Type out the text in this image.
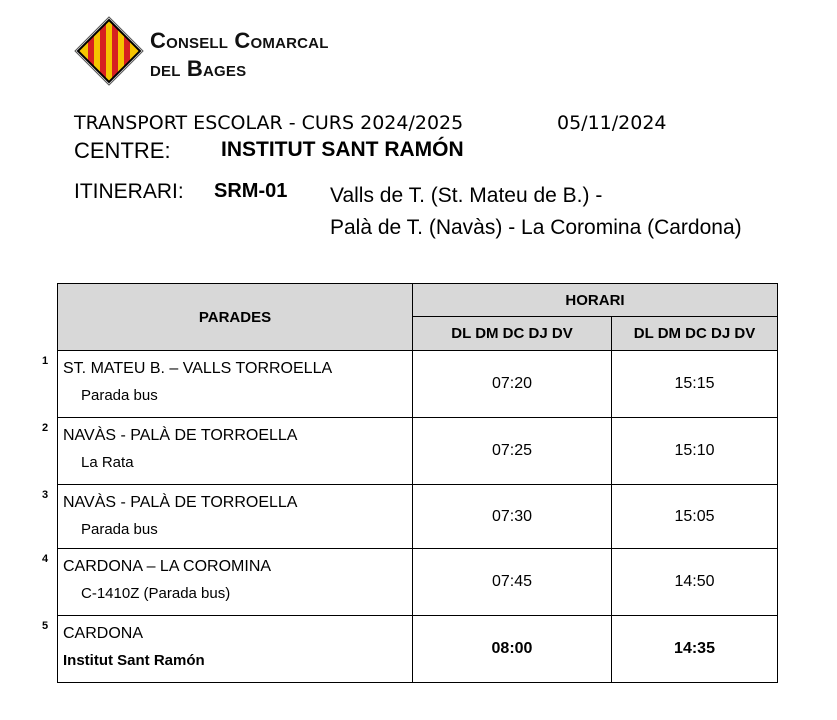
Consell Comarcal
del Bages
TRANSPORT ESCOLAR - CURS 2024/2025	05/11/2024
CENTRE: INSTITUT SANT RAMÓN
ITINERARI: SRM-01 Valls de T. (St. Mateu de B.) -
Palà de T. (Navàs) - La Coromina (Cardona)
PARADES	HORARI	
	DL DM DC DJ DV	DL DM DC DJ DV

1 ST. MATEU B. – VALLS TORROELLA
Parada bus	07:20	15:15

2 NAVÀS - PALÀ DE TORROELLA
La Rata	07:25	15:10

3 NAVÀS - PALÀ DE TORROELLA
Parada bus	07:30	15:05

4 CARDONA – LA COROMINA
C-1410Z (Parada bus)	07:45	14:50

5 CARDONA
Institut Sant Ramón	08:00	14:35
